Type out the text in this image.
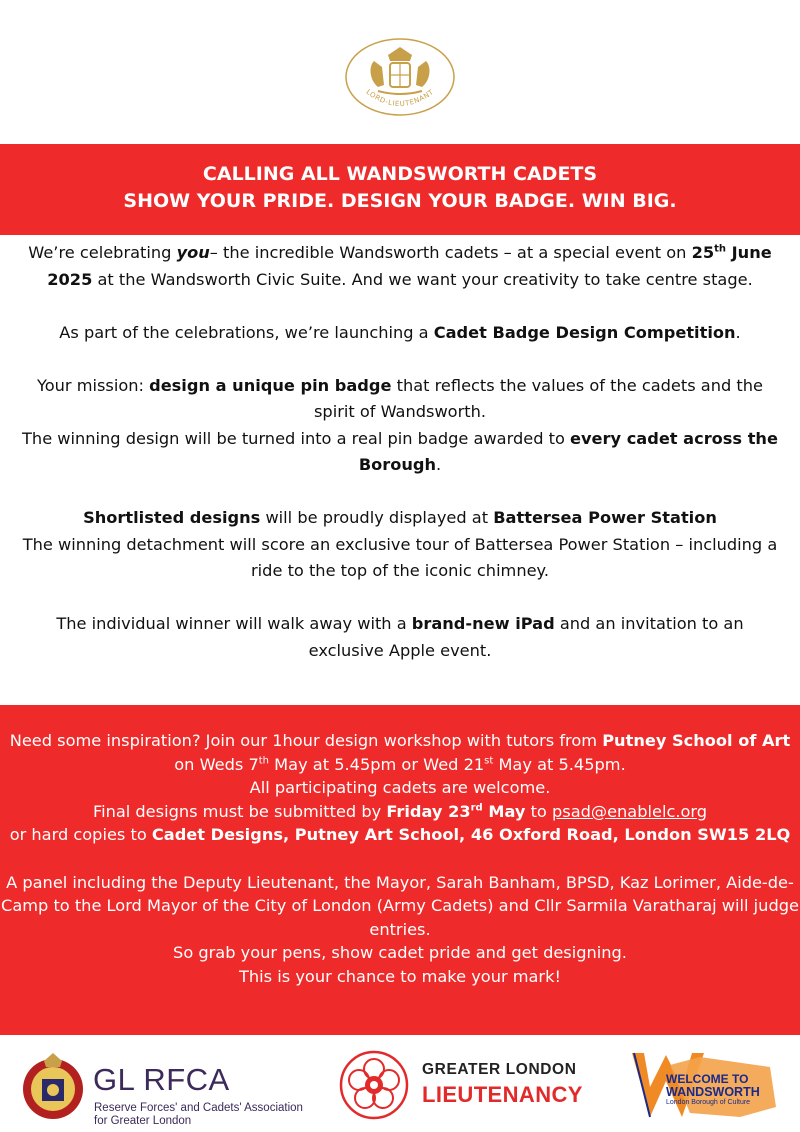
LORD-LIEUTENANT
CALLING ALL WANDSWORTH CADETS
SHOW YOUR PRIDE. DESIGN YOUR BADGE. WIN BIG.

We’re celebrating you– the incredible Wandsworth cadets – at a special event on 25th June 2025 at the Wandsworth Civic Suite. And we want your creativity to take centre stage.

As part of the celebrations, we’re launching a Cadet Badge Design Competition.

Your mission: design a unique pin badge that reflects the values of the cadets and the spirit of Wandsworth.
The winning design will be turned into a real pin badge awarded to every cadet across the Borough.

Shortlisted designs will be proudly displayed at Battersea Power Station
The winning detachment will score an exclusive tour of Battersea Power Station – including a ride to the top of the iconic chimney.

The individual winner will walk away with a brand-new iPad and an invitation to an exclusive Apple event.

Need some inspiration? Join our 1hour design workshop with tutors from Putney School of Art on Weds 7th May at 5.45pm or Wed 21st May at 5.45pm.
All participating cadets are welcome.
Final designs must be submitted by Friday 23rd May to psad@enablelc.org
or hard copies to Cadet Designs, Putney Art School, 46 Oxford Road, London SW15 2LQ

A panel including the Deputy Lieutenant, the Mayor, Sarah Banham, BPSD, Kaz Lorimer, Aide-de-Camp to the Lord Mayor of the City of London (Army Cadets) and Cllr Sarmila Varatharaj will judge entries.
So grab your pens, show cadet pride and get designing.
This is your chance to make your mark!

GL RFCA
Reserve Forces' and Cadets' Association
for Greater London
GREATER LONDON
LIEUTENANCY
WELCOME TO
WANDSWORTH
London Borough of Culture
